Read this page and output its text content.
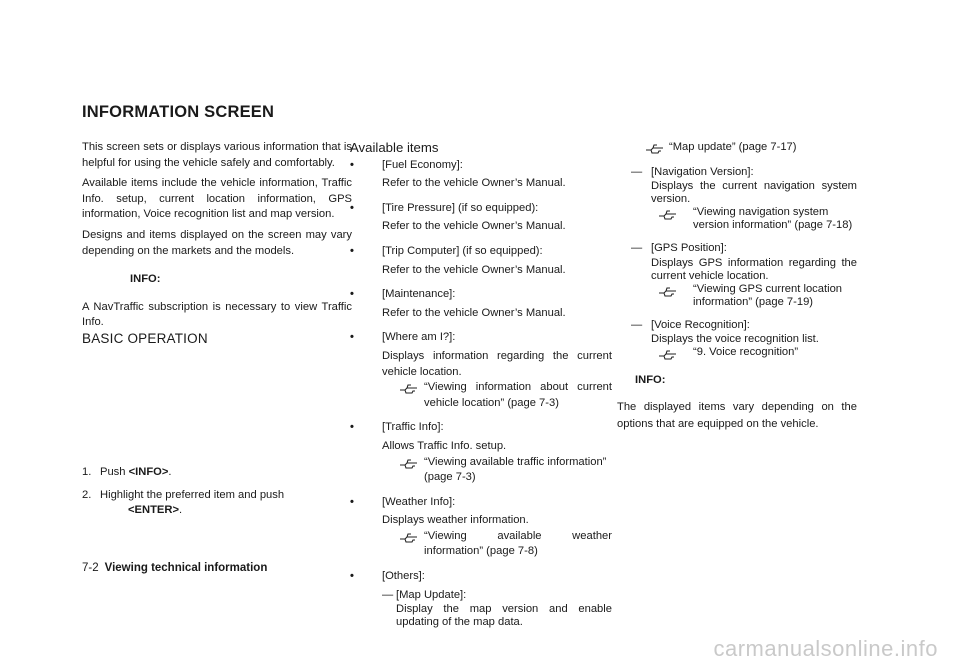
INFORMATION SCREEN

This screen sets or displays various information that is helpful for using the vehicle safely and comfortably.

Available items include the vehicle information, Traffic Info. setup, current location information, GPS information, Voice recognition list and map version.

Designs and items displayed on the screen may vary depending on the markets and the models.

INFO:

A NavTraffic subscription is necessary to view Traffic Info.

BASIC OPERATION

1. Push <INFO>.
2. Highlight the preferred item and push
<ENTER>.

Available items

•	[Fuel Economy]:
Refer to the vehicle Owner’s Manual.
•	[Tire Pressure] (if so equipped):
Refer to the vehicle Owner’s Manual.
•	[Trip Computer] (if so equipped):
Refer to the vehicle Owner’s Manual.
•	[Maintenance]:
Refer to the vehicle Owner’s Manual.
•	[Where am I?]:
Displays information regarding the current vehicle location.
“Viewing information about current vehicle location” (page 7-3)
•	[Traffic Info]:
Allows Traffic Info. setup.
“Viewing available traffic information” (page 7-3)
•	[Weather Info]:
Displays weather information.
“Viewing available weather information” (page 7-8)
•	[Others]:
— [Map Update]:
Display the map version and enable updating of the map data.
“Map update” (page 7-17)
— [Navigation Version]:
Displays the current navigation system version.
“Viewing navigation system version information” (page 7-18)
— [GPS Position]:
Displays GPS information regarding the current vehicle location.
“Viewing GPS current location information” (page 7-19)
— [Voice Recognition]:
Displays the voice recognition list.
“9. Voice recognition”

INFO:

The displayed items vary depending on the options that are equipped on the vehicle.

7-2 Viewing technical information
carmanualsonline.info
